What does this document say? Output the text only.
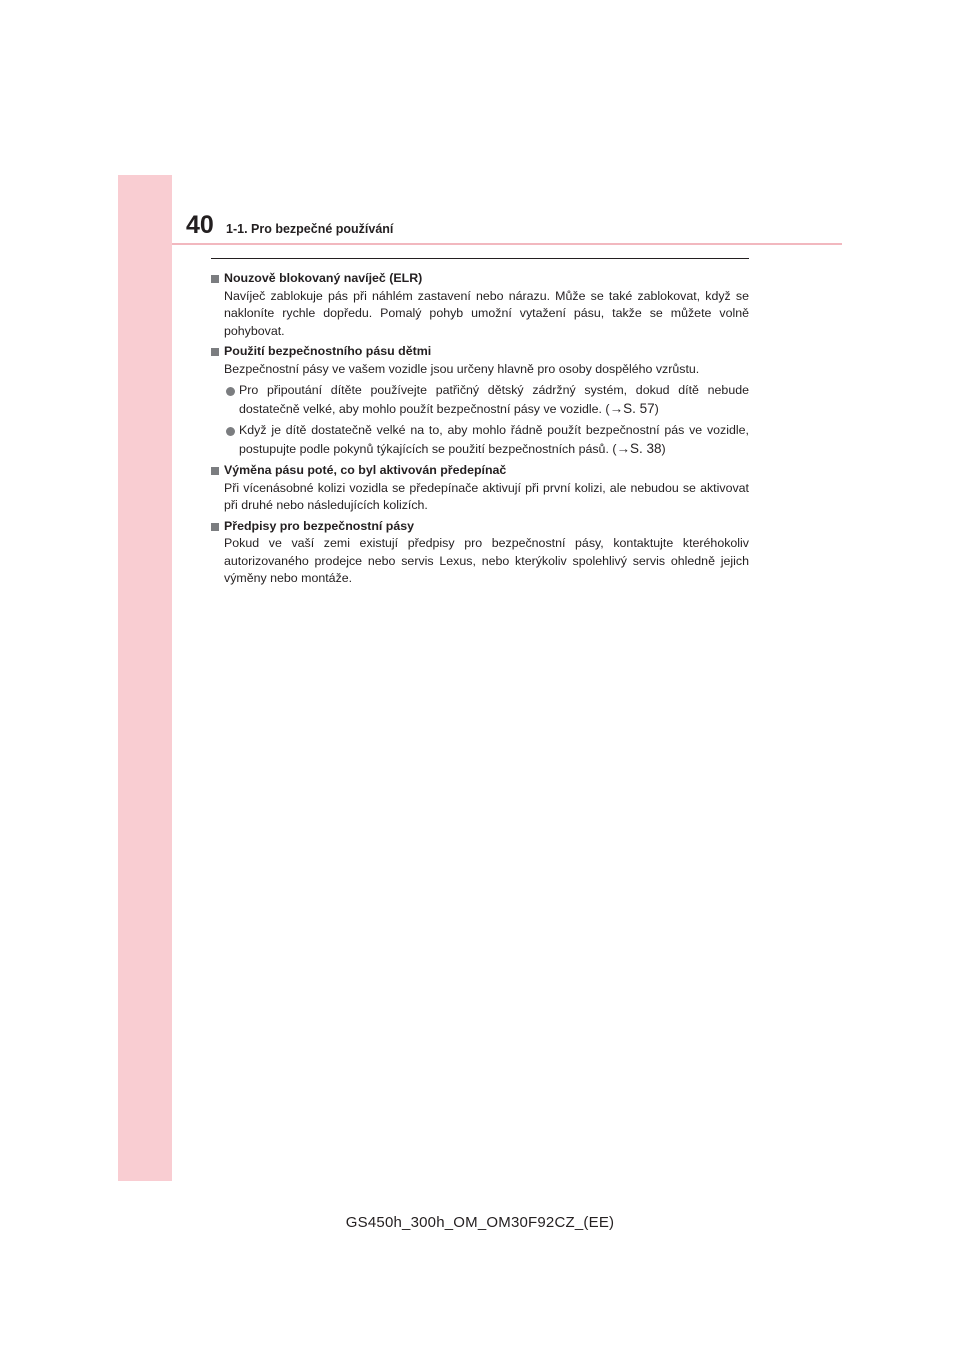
40 1-1. Pro bezpečné používání
Nouzově blokovaný navíječ (ELR)
Navíječ zablokuje pás při náhlém zastavení nebo nárazu. Může se také zablokovat, když se nakloníte rychle dopředu. Pomalý pohyb umožní vytažení pásu, takže se můžete volně pohybovat.
Použití bezpečnostního pásu dětmi
Bezpečnostní pásy ve vašem vozidle jsou určeny hlavně pro osoby dospělého vzrůstu.
Pro připoutání dítěte používejte patřičný dětský zádržný systém, dokud dítě nebude dostatečně velké, aby mohlo použít bezpečnostní pásy ve vozidle. (→S. 57)
Když je dítě dostatečně velké na to, aby mohlo řádně použít bezpečnostní pás ve vozidle, postupujte podle pokynů týkajících se použití bezpečnostních pásů. (→S. 38)
Výměna pásu poté, co byl aktivován předepínač
Při vícenásobné kolizi vozidla se předepínače aktivují při první kolizi, ale nebudou se aktivovat při druhé nebo následujících kolizích.
Předpisy pro bezpečnostní pásy
Pokud ve vaší zemi existují předpisy pro bezpečnostní pásy, kontaktujte kteréhokoliv autorizovaného prodejce nebo servis Lexus, nebo kterýkoliv spolehlivý servis ohledně jejich výměny nebo montáže.
GS450h_300h_OM_OM30F92CZ_(EE)
